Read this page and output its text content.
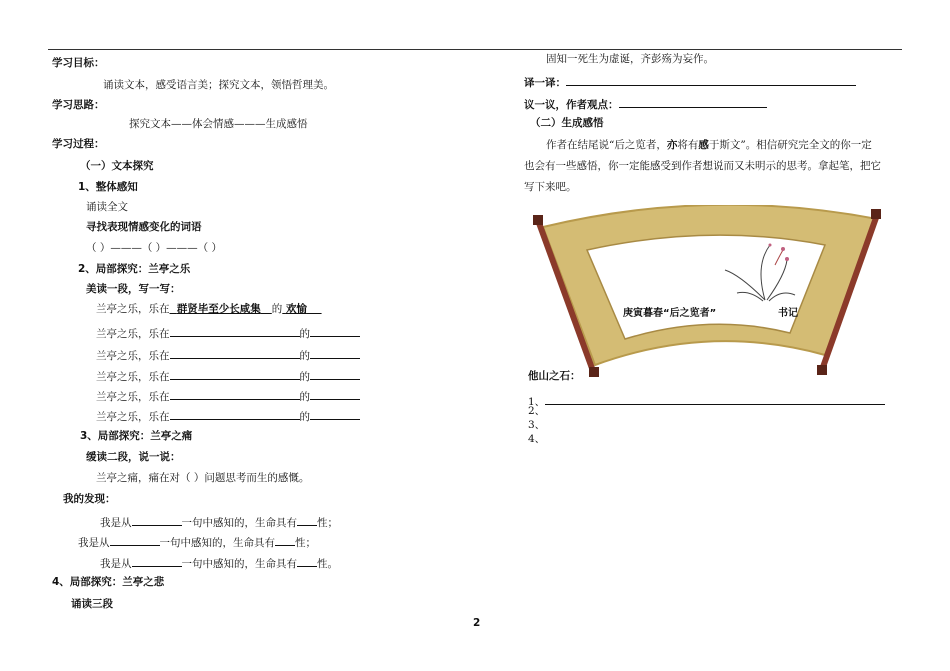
学习目标：
诵读文本，感受语言美；探究文本，领悟哲理美。
学习思路：
探究文本——体会情感———生成感悟
学习过程：
（一）文本探究
1、整体感知
诵读全文
寻找表现情感变化的词语
（ ）———（ ）———（ ）
2、局部探究：兰亭之乐
美读一段，写一写：
兰亭之乐，乐在 群贤毕至少长咸集 的 欢愉
兰亭之乐，乐在	的
兰亭之乐，乐在	的
兰亭之乐，乐在	的
兰亭之乐，乐在	的
兰亭之乐，乐在	的
3、局部探究：兰亭之痛
缓读二段，说一说：
兰亭之痛，痛在对（ ）问题思考而生的感慨。
我的发现：
我是从	一句中感知的，生命具有 性；
我是从	一句中感知的，生命具有 性；
我是从	一句中感知的，生命具有 性。
4、局部探究：兰亭之悲
诵读三段
固知一死生为虚诞，齐彭殇为妄作。
译一译：
议一议，作者观点：
（二）生成感悟
作者在结尾说“后之览者，亦将有感于斯文”。相信研究完全文的你一定
也会有一些感悟，你一定能感受到作者想说而又未明示的思考。拿起笔，把它
写下来吧。
庚寅暮春“后之览者”	书记
他山之石：
1、
2、
3、
4、
2
